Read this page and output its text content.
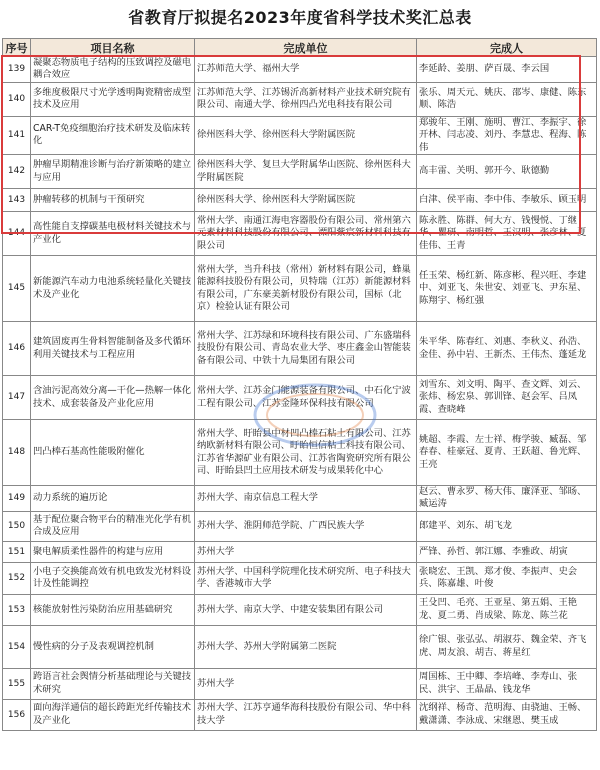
省教育厅拟提名2023年度省科学技术奖汇总表
序号	项目名称	完成单位	完成人
139	凝聚态物质电子结构的压致调控及磁电耦合效应	江苏师范大学、福州大学	李延龄、姜朋、萨百晟、李云国
140	多维度极限尺寸光学透明陶瓷精密成型技术及应用	江苏师范大学、江苏锡沂高新材料产业技术研究院有限公司、南通大学、徐州四凸光电科技有限公司	张乐、周天元、姚庆、邵岑、康健、陈东顺、陈浩
141	CAR-T免疫细胞治疗技术研发及临床转化	徐州医科大学、徐州医科大学附属医院	郑骏年、王刚、施明、曹江、李振宇、徐开林、闫志凌、刘丹、李慧忠、程海、陈伟
142	肿瘤早期精准诊断与治疗新策略的建立与应用	徐州医科大学、复旦大学附属华山医院、徐州医科大学附属医院	高丰雷、关明、郭开今、耿德勤
143	肿瘤转移的机制与干预研究	徐州医科大学、徐州医科大学附属医院	白津、侯平南、李中伟、李敏乐、顾玉明
144	高性能自支撑碳基电极材料关键技术与产业化	常州大学、南通江海电容器股份有限公司、常州第六元素材料科技股份有限公司、溧阳紫宸新材料科技有限公司	陈永胜、陈群、何大方、钱慢悦、丁继华、瞿研、南明哲、王汉明、张彦林、夏佳伟、王青
145	新能源汽车动力电池系统轻量化关键技术及产业化	常州大学，当升科技（常州）新材料有限公司，蜂巢能源科技股份有限公司，贝特瑞（江苏）新能源材料有限公司，广东豪美新材股份有限公司，国标（北京）检验认证有限公司	任玉荣、杨红新、陈彦彬、程兴旺、李建中、刘亚飞、朱世安、刘亚飞、尹东星、陈翔宇、杨红强
146	建筑固废再生骨料智能制备及多代循环利用关键技术与工程应用	常州大学、江苏绿和环境科技有限公司、广东盛瑞科技股份有限公司、青岛农业大学、枣庄鑫金山智能装备有限公司、中铁十九局集团有限公司	朱平华、陈春红、刘惠、李秋义、孙浩、金佳、孙中岩、王新杰、王伟杰、蓬延龙
147	含油污泥高效分离—干化—热解一体化技术、成套装备及产业化应用	常州大学、江苏金门能源装备有限公司、中石化宁波工程有限公司、江苏金隆环保科技有限公司	刘雪东、刘文明、陶平、查文辉、刘云、张炜、杨宏泉、郭训锋、赵会军、吕凤霞、查晓峰
148	凹凸棒石基高性能吸附催化	常州大学、盱眙县中材凹凸棒石粘土有限公司、江苏纳欧新材料有限公司、盱眙恒信粘土科技有限公司、江苏省华源矿业有限公司、江苏省陶瓷研究所有限公司、盱眙县凹土应用技术研发与成果转化中心	姚超、李霞、左士祥、梅学骏、臧磊、邹春春、桂豪冠、夏青、王跃超、鲁光辉、王亮
149	动力系统的遍历论	苏州大学、南京信息工程大学	赵云、曹永罗、杨大伟、廉泽亚、邹旸、臧运涛
150	基于配位聚合物平台的精准光化学有机合成及应用	苏州大学、淮阴师范学院、广西民族大学	郎建平、刘东、胡飞龙
151	聚电解质柔性器件的构建与应用	苏州大学	严锋、孙哲、郭江娜、李雅政、胡寅
152	小电子交换能高效有机电致发光材料设计及性能调控	苏州大学、中国科学院理化技术研究所、电子科技大学、香港城市大学	张晓宏、王凯、郑才俊、李振声、史会兵、陈嘉雄、叶俊
153	核能放射性污染防治应用基础研究	苏州大学、南京大学、中建安装集团有限公司	王殳凹、毛亮、王亚星、第五娟、王艳龙、夏二勇、肖成梁、陈龙、陈兰花
154	慢性病的分子及表观调控机制	苏州大学、苏州大学附属第二医院	徐广银、张弘弘、胡淑芬、魏金荣、齐飞虎、周友浪、胡吉、蒋星红
155	跨语言社会舆情分析基础理论与关键技术研究	苏州大学	周国栋、王中卿、李培峰、李寿山、张民、洪宇、王晶晶、钱龙华
156	面向海洋通信的超长跨距光纤传输技术及产业化	苏州大学、江苏亨通华海科技股份有限公司、华中科技大学	沈纲祥、杨奇、范明海、由骁迪、王畅、戴潇潇、李泳成、宋继恩、樊玉成
